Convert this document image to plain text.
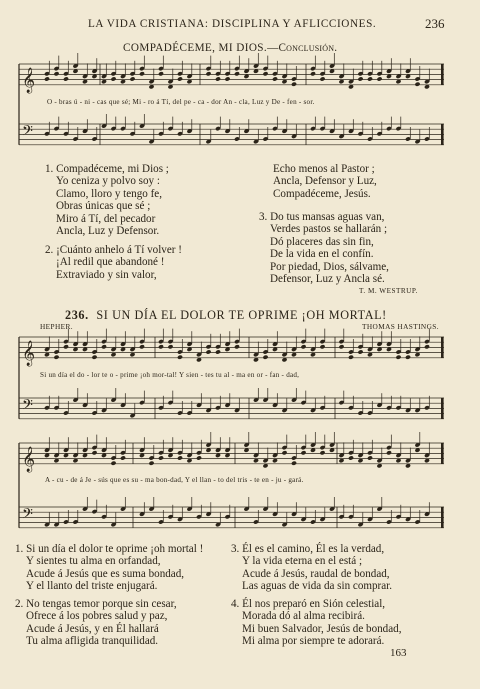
LA VIDA CRISTIANA: DISCIPLINA Y AFLICCIONES.	236
COMPADÉCEME, MI DIOS.—Conclusión.
𝄞
𝄢
𝄞
𝄢
𝄞
𝄢
O - bras ú - ni - cas que sé; Mi - ro á Tí, del pe - ca - dor An - cla, Luz y De - fen - sor.
1. Compadéceme, mi Dios ;
Yo ceniza y polvo soy :
Clamo, lloro y tengo fe,
Obras únicas que sé ;
Miro á Tí, del pecador
Ancla, Luz y Defensor.
2. ¡Cuánto anhelo á Tí volver !
¡Al redil que abandoné !
Extraviado y sin valor,
Echo menos al Pastor ;
Ancla, Defensor y Luz,
Compadéceme, Jesús.
3. Do tus mansas aguas van,
Verdes pastos se hallarán ;
Dó placeres das sin fin,
De la vida en el confín.
Por piedad, Dios, sálvame,
Defensor, Luz y Ancla sé.
T. M. WESTRUP.
236. SI UN DÍA EL DOLOR TE OPRIME ¡OH MORTAL!
HEPHER.	THOMAS HASTINGS.
Si un día el do - lor te o - prime ¡oh mor-tal! Y sien - tes tu al - ma en or - fan - dad,
A - cu - de á Je - sús que es su - ma bon-dad, Y el llan - to del tris - te en - ju - gará.
1. Si un día el dolor te oprime ¡oh mortal !
Y sientes tu alma en orfandad,
Acude á Jesús que es suma bondad,
Y el llanto del triste enjugará.
2. No tengas temor porque sin cesar,
Ofrece á los pobres salud y paz,
Acude á Jesús, y en Él hallará
Tu alma afligida tranquilidad.
3. Él es el camino, Él es la verdad,
Y la vida eterna en el está ;
Acude á Jesús, raudal de bondad,
Las aguas de vida da sin comprar.
4. Él nos preparó en Sión celestial,
Morada dó al alma recibirá.
Mi buen Salvador, Jesús de bondad,
Mi alma por siempre te adorará.
163
